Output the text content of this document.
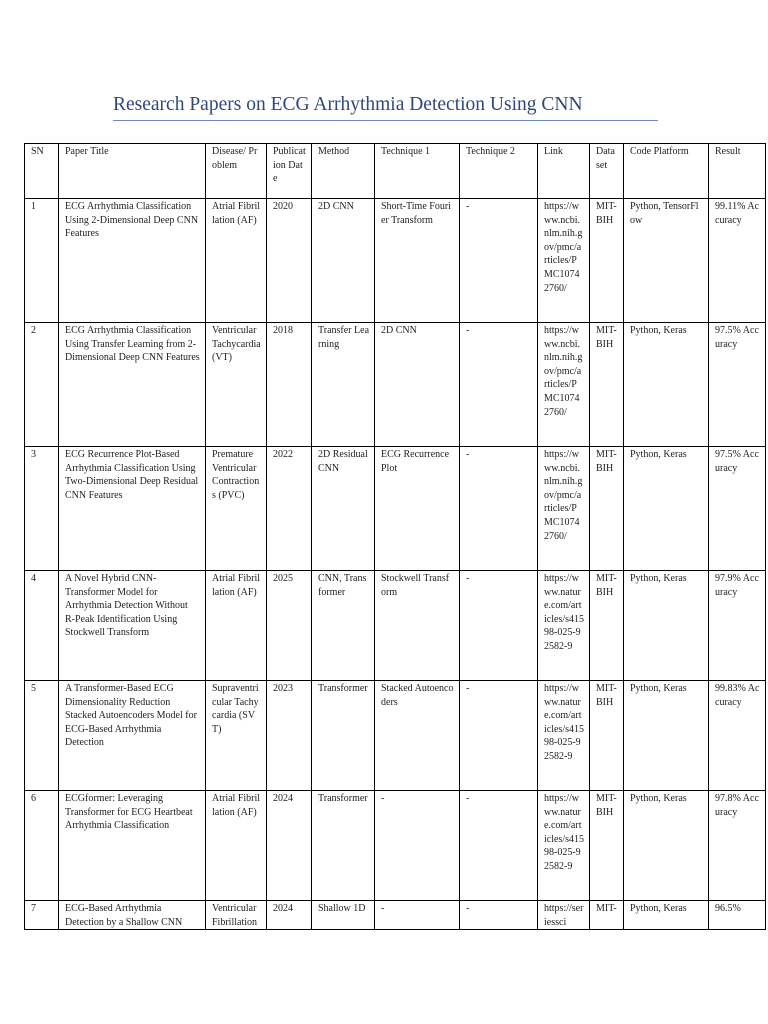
Research Papers on ECG Arrhythmia Detection Using CNN
SN	Paper Title	Disease/ Problem	Publication Date	Method	Technique 1	Technique 2	Link	Dataset	Code Platform	Result
1	ECG Arrhythmia Classification Using 2-Dimensional Deep CNN Features	Atrial Fibrillation (AF)	2020	2D CNN	Short-Time Fourier Transform	-	https://www.ncbi.nlm.nih.gov/pmc/articles/PMC10742760/	MIT-BIH	Python, TensorFlow	99.11% Accuracy
2	ECG Arrhythmia Classification Using Transfer Learning from 2-Dimensional Deep CNN Features	Ventricular Tachycardia (VT)	2018	Transfer Learning	2D CNN	-	https://www.ncbi.nlm.nih.gov/pmc/articles/PMC10742760/	MIT-BIH	Python, Keras	97.5% Accuracy
3	ECG Recurrence Plot-Based Arrhythmia Classification Using Two-Dimensional Deep Residual CNN Features	Premature Ventricular Contractions (PVC)	2022	2D Residual CNN	ECG Recurrence Plot	-	https://www.ncbi.nlm.nih.gov/pmc/articles/PMC10742760/	MIT-BIH	Python, Keras	97.5% Accuracy
4	A Novel Hybrid CNN-Transformer Model for Arrhythmia Detection Without R-Peak Identification Using Stockwell Transform	Atrial Fibrillation (AF)	2025	CNN, Transformer	Stockwell Transform	-	https://www.nature.com/articles/s41598-025-92582-9	MIT-BIH	Python, Keras	97.9% Accuracy
5	A Transformer-Based ECG Dimensionality Reduction Stacked Autoencoders Model for ECG-Based Arrhythmia Detection	Supraventricular Tachycardia (SVT)	2023	Transformer	Stacked Autoencoders	-	https://www.nature.com/articles/s41598-025-92582-9	MIT-BIH	Python, Keras	99.83% Accuracy
6	ECGformer: Leveraging Transformer for ECG Heartbeat Arrhythmia Classification	Atrial Fibrillation (AF)	2024	Transformer	-	-	https://www.nature.com/articles/s41598-025-92582-9	MIT-BIH	Python, Keras	97.8% Accuracy
7	ECG-Based Arrhythmia Detection by a Shallow CNN	Ventricular Fibrillation	2024	Shallow 1D	-	-	https://seriessci	MIT-	Python, Keras	96.5%
